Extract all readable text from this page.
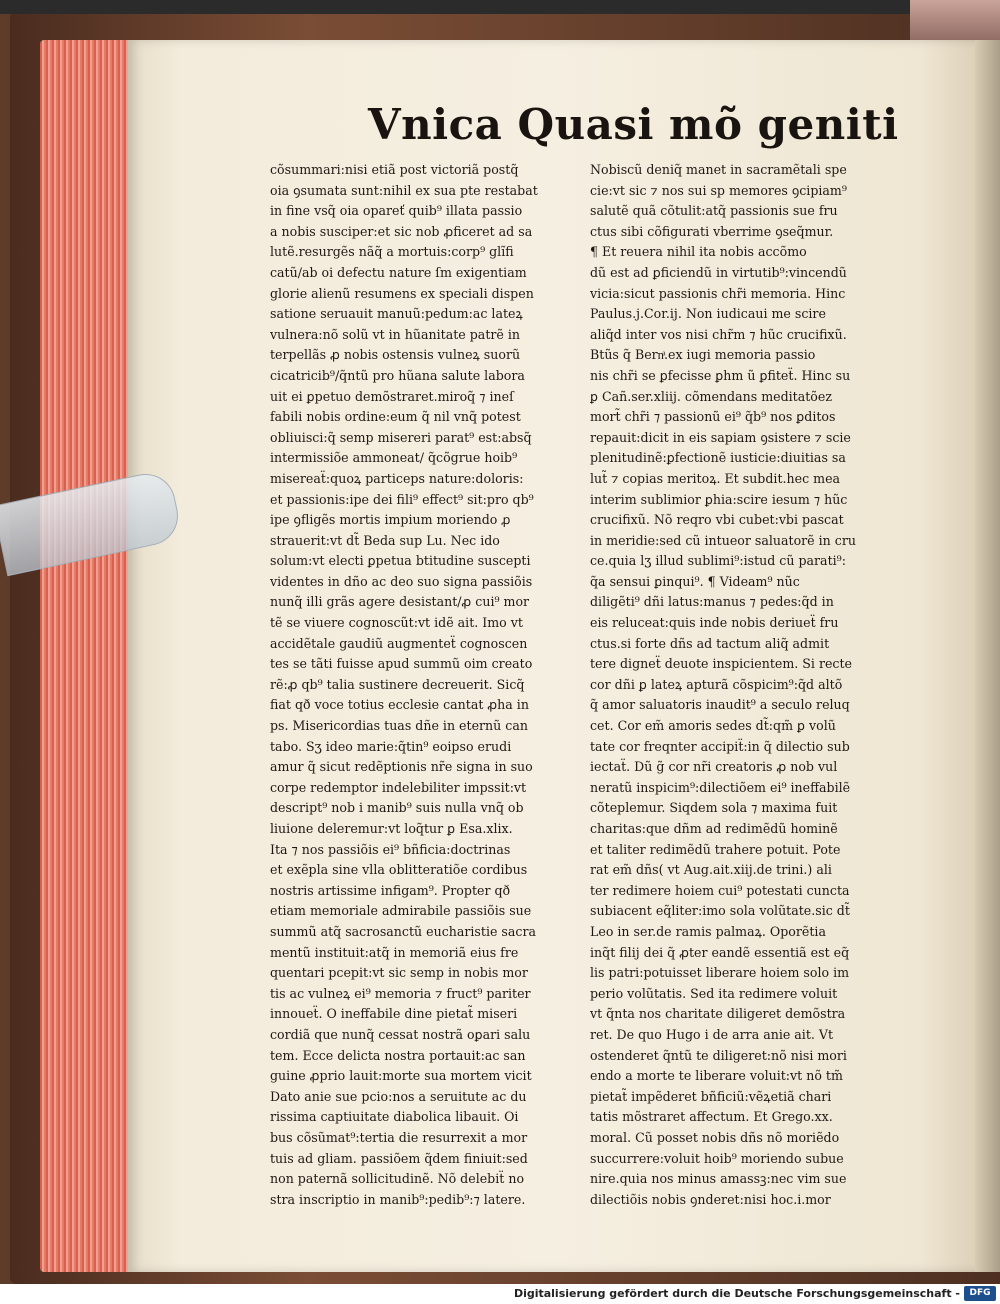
Vnica Quasi mõ geniti
cõsummari:nisi etiã post victoriã postq̃
oia ꝯsumata sunt:nihil ex sua pte restabat
in fine vsq̃ oia opareť quib⁹ illata passio
a nobis susciper:et sic nob ꝓficeret ad sa
lutẽ.resurgẽs nãq̃ a mortuis:corp⁹ glĩfi
catũ/ab oi defectu nature ſm exigentiam
glorie alienũ resumens ex speciali dispen
satione seruauit manuũ:pedum:ac lateꝝ
vulnera:nõ solũ vt in hũanitate patrẽ in
terpellãs ꝓ nobis ostensis vulneꝝ suorũ
cicatricib⁹/q̃ntũ pro hũana salute labora
uit ei ꝑpetuo demõstraret.miroq̃ ⁊ ineſ
fabili nobis ordine:eum q̃ nil vnq̃ potest
obliuisci:q̃ semp misereri parat⁹ est:absq̃
intermissiõe ammoneat/ q̃cõgrue hoib⁹
misereaẗ:quoꝝ particeps nature:doloris:
et passionis:ipe dei fili⁹ effect⁹ sit:pro qb⁹
ipe ꝯfligẽs mortis impium moriendo ꝓ
strauerit:vt dt̃ Beda sup Lu. Nec ido
solum:vt electi ꝑpetua btitudine suscepti
videntes in dño ac deo suo signa passiõis
nunq̃ illi grãs agere desistant/ꝓ cui⁹ mor
tẽ se viuere cognoscũt:vt idẽ ait. Imo vt
accidẽtale gaudiũ augmenteẗ cognoscen
tes se tãti fuisse apud summũ oim creato
rẽ:ꝓ qb⁹ talia sustinere decreuerit. Sicq̃
fiat qð voce totius ecclesie cantat ꝓha in
ps. Misericordias tuas dñe in eternũ can
tabo. Sʒ ideo marie:q̃tin⁹ eoipso erudi
amur q̃ sicut redẽptionis nr̃e signa in suo
corpe redemptor indelebiliter impssit:vt
descript⁹ nob i manib⁹ suis nulla vnq̃ ob
liuione deleremur:vt loq̃tur ꝑ Esa.xlix.
Ita ⁊ nos passiõis ei⁹ bñficia:doctrinas
et exẽpla sine vlla oblitteratiõe cordibus
nostris artissime infigam⁹. Propter qð
etiam memoriale admirabile passiõis sue
summũ atq̃ sacrosanctũ eucharistie sacra
mentũ instituit:atq̃ in memoriã eius fre
quentari pcepit:vt sic semp in nobis mor
tis ac vulneꝝ ei⁹ memoria ⁊ fruct⁹ pariter
innoueẗ. O ineffabile dine pietat̃ miseri
cordiã que nunq̃ cessat nostrã oꝑari salu
tem. Ecce delicta nostra portauit:ac san
guine ꝓprio lauit:morte sua mortem vicit
Dato anie sue pcio:nos a seruitute ac du
rissima captiuitate diabolica libauit. Oi
bus cõsũmat⁹:tertia die resurrexit a mor
tuis ad gliam. passiõem q̃dem finiuit:sed
non paternã sollicitudinẽ. Nõ delebiẗ no
stra inscriptio in manib⁹:pedib⁹:⁊ latere.
Nobiscũ deniq̃ manet in sacramẽtali spe
cie:vt sic ⁊ nos sui sp memores ꝯcipiam⁹
salutẽ quã cõtulit:atq̃ passionis sue fru
ctus sibi cõfigurati vberrime ꝯseq̃mur.
¶ Et reuera nihil ita nobis accõmo
dũ est ad ꝑficiendũ in virtutib⁹:vincendũ
vicia:sicut passionis chr̃i memoria. Hinc
Paulus.j.Cor.ij. Non iudicaui me scire
aliq̃d inter vos nisi chr̃m ⁊ hũc crucifixũ.
Btũs q̃ Bernͣ.ex iugi memoria passio
nis chr̃i se ꝑfecisse ꝑhm ũ ꝑfiteẗ. Hinc su
ꝑ Cañ.ser.xliij. cõmendans meditatõez
mort̃ chr̃i ⁊ passionũ ei⁹ q̃b⁹ nos ꝑditos
repauit:dicit in eis sapiam ꝯsistere ⁊ scie
plenitudinẽ:ꝑfectionẽ iusticie:diuitias sa
lut̃ ⁊ copias meritoꝝ. Et subdit.hec mea
interim sublimior ꝑhia:scire iesum ⁊ hũc
crucifixũ. Nõ reqro vbi cubet:vbi pascat
in meridie:sed cũ intueor saluatorẽ in cru
ce.quia lʒ illud sublimi⁹:istud cũ parati⁹:
q̃a sensui ꝑinqui⁹. ¶ Videam⁹ nũc
diligẽti⁹ dñi latus:manus ⁊ pedes:q̃d in
eis reluceat:quis inde nobis deriueẗ fru
ctus.si forte dñs ad tactum aliq̃ admit
tere digneẗ deuote inspicientem. Si recte
cor dñi ꝑ lateꝝ apturã cõspicim⁹:q̃d altõ
q̃ amor saluatoris inaudit⁹ a seculo reluq
cet. Cor em̃ amoris sedes dt̃:qm̃ ꝑ volũ
tate cor freqnter accipiẗ:in q̃ dilectio sub
iectaẗ. Dũ g̃ cor nr̃i creatoris ꝓ nob vul
neratũ inspicim⁹:dilectiõem ei⁹ ineffabilẽ
cõteplemur. Siqdem sola ⁊ maxima fuit
charitas:que dñm ad redimẽdũ hominẽ
et taliter redimẽdũ trahere potuit. Pote
rat em̃ dñs( vt Aug.ait.xiij.de trini.) ali
ter redimere hoiem cui⁹ potestati cuncta
subiacent eq̃liter:imo sola volũtate.sic dt̃
Leo in ser.de ramis palmaꝝ. Oporẽtia
inq̃t filij dei q̃ ꝓter eandẽ essentiã est eq̃
lis patri:potuisset liberare hoiem solo im
perio volũtatis. Sed ita redimere voluit
vt q̃nta nos charitate diligeret demõstra
ret. De quo Hugo i de arra anie ait. Vt
ostenderet q̃ntũ te diligeret:nõ nisi mori
endo a morte te liberare voluit:vt nõ tm̃
pietat̃ impẽderet bñficiũ:vẽꝝetiã chari
tatis mõstraret affectum. Et Grego.xx.
moral. Cũ posset nobis dñs nõ moriẽdo
succurrere:voluit hoib⁹ moriendo subue
nire.quia nos minus amassꝫ:nec vim sue
dilectiõis nobis ꝯnderet:nisi hoc.i.mor
Digitalisierung gefördert durch die Deutsche Forschungsgemeinschaft -	DFG
